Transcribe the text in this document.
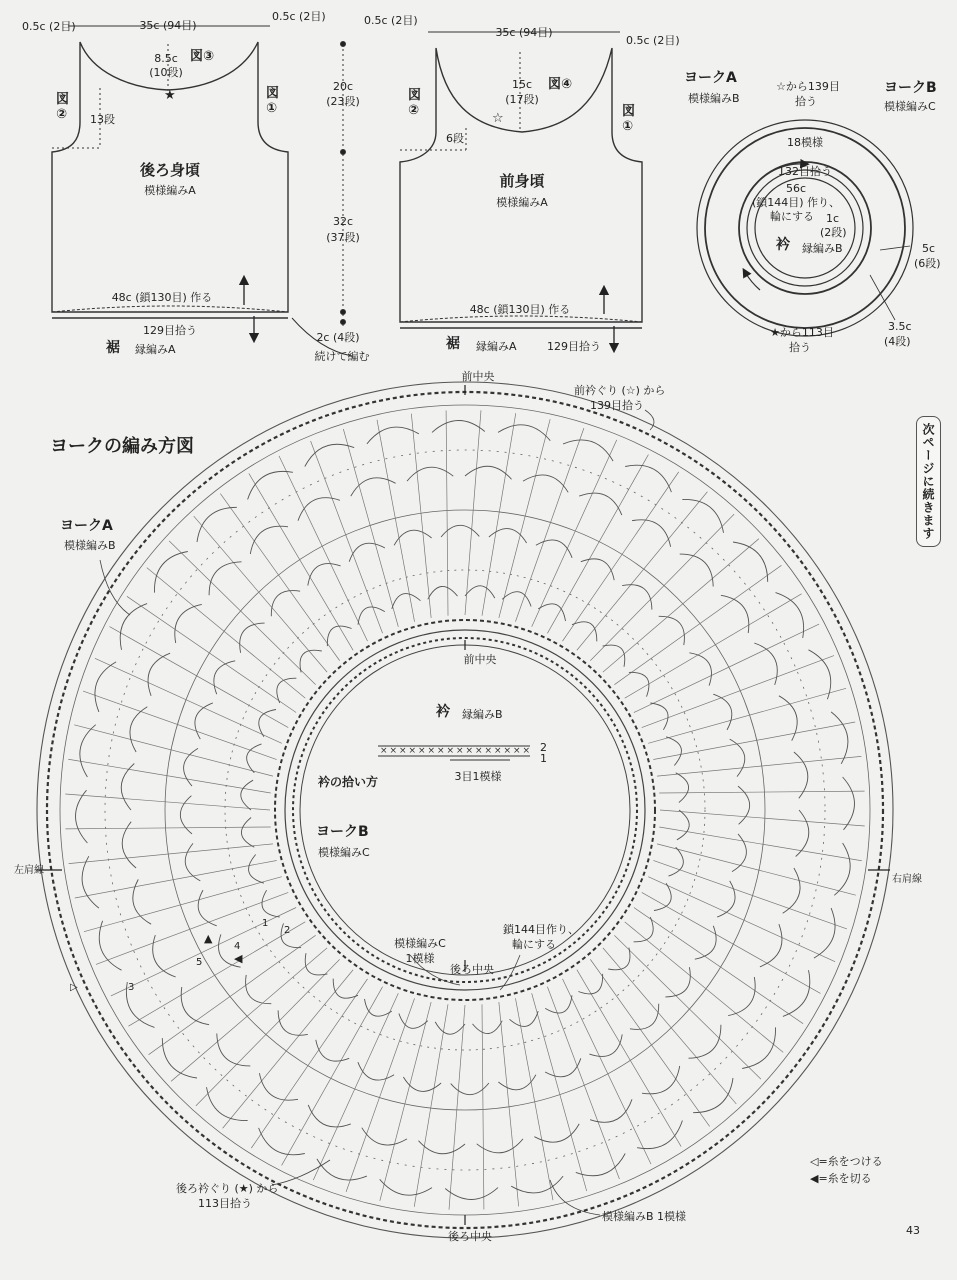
★
☆
× × × × × × × × × × × × × × × ×
▲
◀
▷
0.5c (2目)	35c (94目)
0.5c (2目)
8.5c
(10段)
図③
図②
図①
13段
後ろ身頃
模様編みA
48c (鎖130目) 作る
129目拾う
裾 縁編みA
20c
(23段)
32c
(37段)
2c (4段)
続けて編む
0.5c (2目)
35c (94目)
0.5c (2目)
15c
(17段)
図④
図②	図①
6段
前身頃
模様編みA
48c (鎖130目) 作る
129目拾う
裾 縁編みA
ヨークA
模様編みB
ヨークB
模様編みC
☆から139目
拾う
18模様
132目拾う
56c
(鎖144目) 作り、
輪にする 1c
(2段)
衿 縁編みB	5c
(6段)
3.5c
(4段)
★から113目
拾う
ヨークの編み方図
前中央
前衿ぐり (☆) から
139目拾う
ヨークA
模様編みB
前中央
衿 縁編みB
3目1模様
2
1
衿の拾い方
ヨークB
模様編みC
左肩線
右肩線
模様編みC
1模様
鎖144目作り、
輪にする
後ろ中央
後ろ衿ぐり (★) から
113目拾う
模様編みB 1模様
後ろ中央
2
1
3
4
5
次ページに続きます
◁=糸をつける
◀=糸を切る
43
